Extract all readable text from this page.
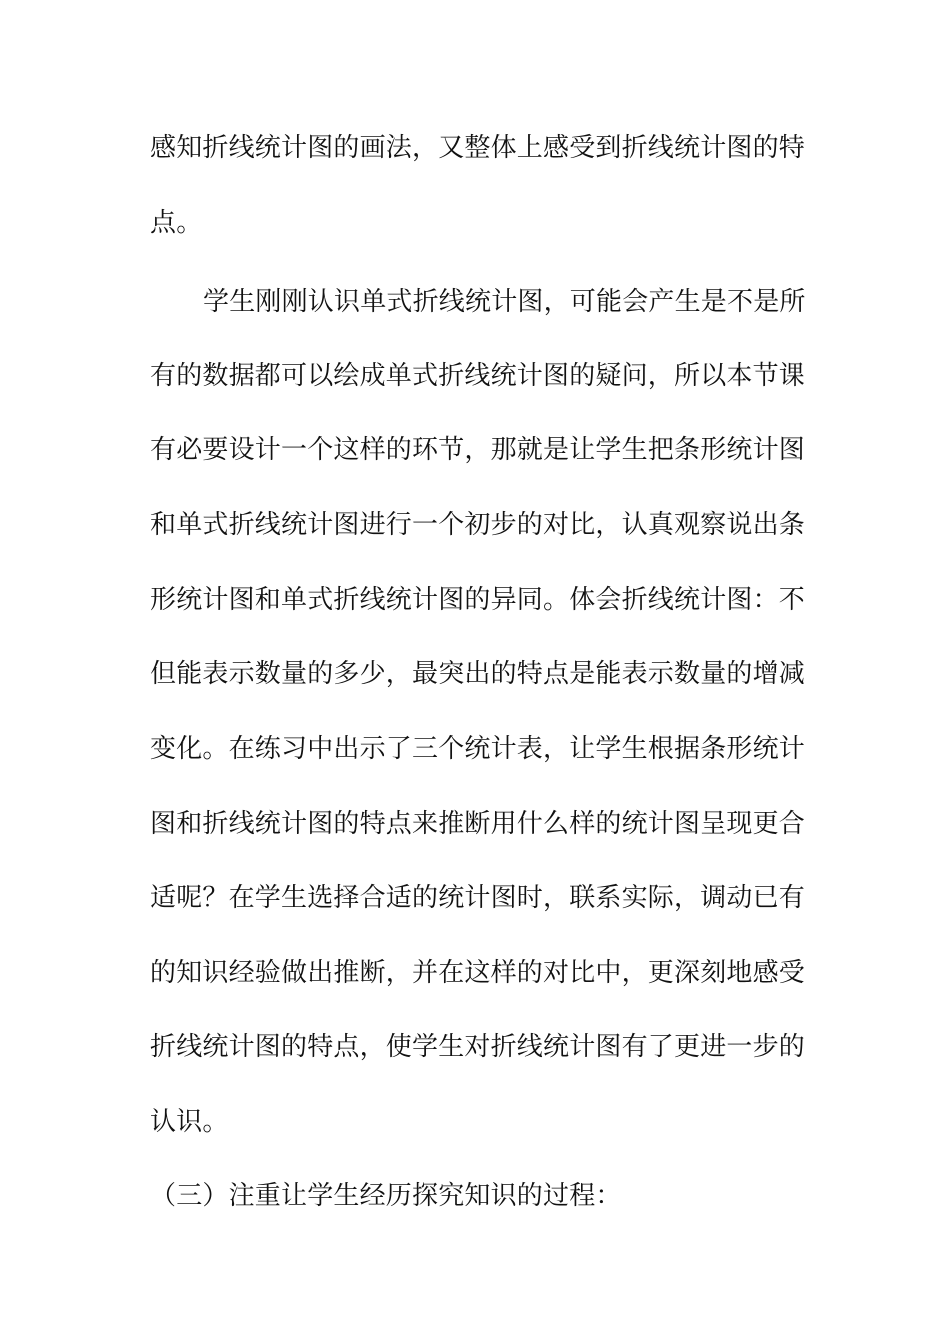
感知折线统计图的画法，又整体上感受到折线统计图的特
点。
学生刚刚认识单式折线统计图，可能会产生是不是所
有的数据都可以绘成单式折线统计图的疑问，所以本节课
有必要设计一个这样的环节，那就是让学生把条形统计图
和单式折线统计图进行一个初步的对比，认真观察说出条
形统计图和单式折线统计图的异同。体会折线统计图：不
但能表示数量的多少，最突出的特点是能表示数量的增减
变化。在练习中出示了三个统计表，让学生根据条形统计
图和折线统计图的特点来推断用什么样的统计图呈现更合
适呢？在学生选择合适的统计图时，联系实际，调动已有
的知识经验做出推断，并在这样的对比中，更深刻地感受
折线统计图的特点，使学生对折线统计图有了更进一步的
认识。
（三）注重让学生经历探究知识的过程：
